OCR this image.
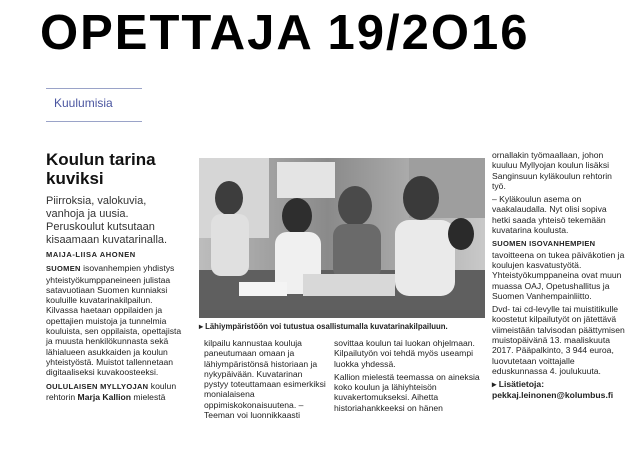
OPETTAJA 19/2O16
Kuulumisia
Koulun tarina kuviksi

Piirroksia, valokuvia, vanhoja ja uusia. Peruskoulut kutsutaan kisaamaan kuvatarinalla.

MAIJA-LIISA AHONEN

SUOMEN isovanhempien yhdistys yhteistyökumppaneineen julistaa satavuotiaan Suomen kunniaksi kouluille kuvatarinakilpailun. Kilvassa haetaan oppilaiden ja opettajien muistoja ja tunnelmia kouluista, sen oppilaista, opettajista ja muusta henkilökunnasta sekä lähialueen asukkaiden ja koulun yhteistyöstä. Muistot tallennetaan digitaaliseksi kuvakoosteeksi.

OULULAISEN MYLLYOJAN koulun rehtorin Marja Kallion mielestä

▸ Lähiympäristöön voi tutustua osallistumalla kuvatarinakilpailuun.

kilpailu kannustaa kouluja paneutumaan omaan ja lähiympäristönsä historiaan ja nykypäivään. Kuvatarinan pystyy toteuttamaan esimerkiksi monialaisena oppimiskokonaisuutena. – Teeman voi luonnikkaasti

sovittaa koulun tai luokan ohjelmaan. Kilpailutyön voi tehdä myös useampi luokka yhdessä.

Kallion mielestä teemassa on aineksia koko koulun ja lähiyhteisön kuvakertomukseksi. Aihetta historiahankkeeksi on hänen

ornallakin työmaallaan, johon kuuluu Myllyojan koulun lisäksi Sanginsuun kyläkoulun rehtorin työ.

– Kyläkoulun asema on vaakalaudalla. Nyt olisi sopiva hetki saada yhteisö tekemään kuvatarina koulusta.

SUOMEN ISOVANHEMPIEN tavoitteena on tukea päiväkotien ja koulujen kasvatustyötä. Yhteistyökumppaneina ovat muun muassa OAJ, Opetushallitus ja Suomen Vanhempainliitto.

Dvd- tai cd-levylle tai muistitikulle koostetut kilpailutyöt on jätettävä viimeistään talvisodan päättymisen muistopäivänä 13. maaliskuuta 2017. Pääpalkinto, 3 944 euroa, luovutetaan voittajalle eduskunnassa 4. joulukuuta.

▸ Lisätietoja: pekkaj.leinonen@kolumbus.fi
